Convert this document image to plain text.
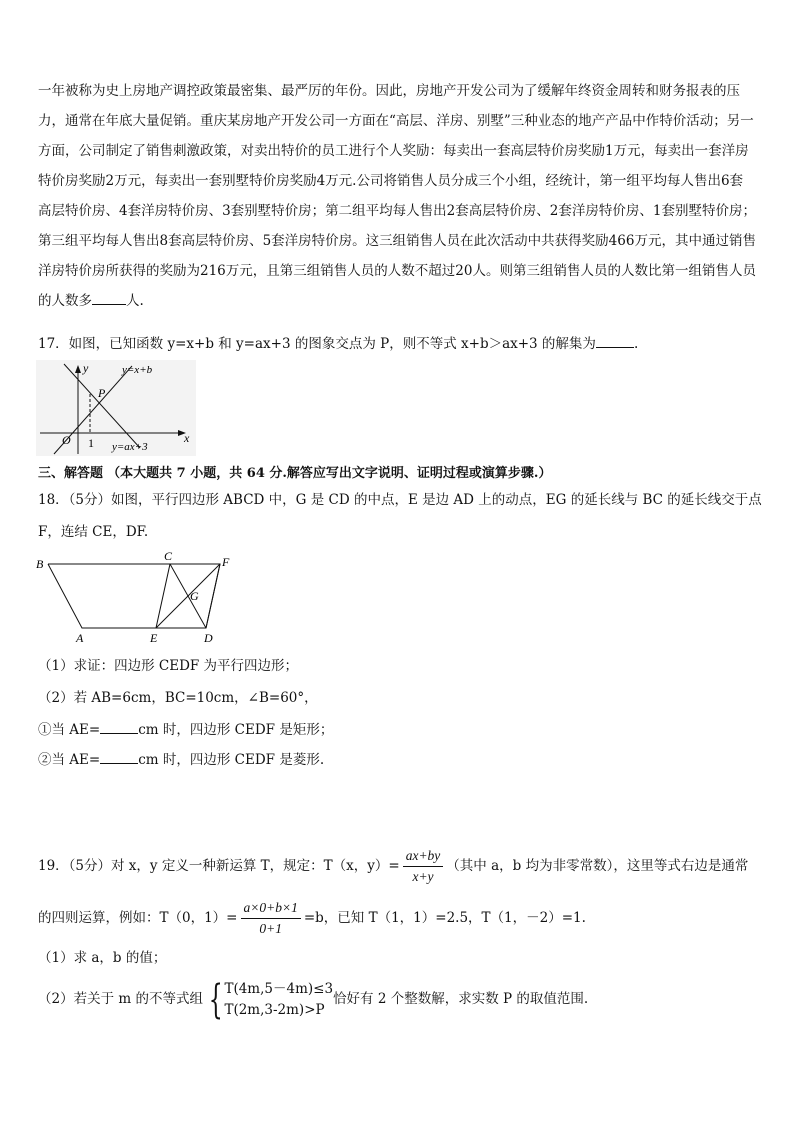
一年被称为史上房地产调控政策最密集、最严厉的年份。因此，房地产开发公司为了缓解年终资金周转和财务报表的压力，通常在年底大量促销。重庆某房地产开发公司一方面在“高层、洋房、别墅”三种业态的地产产品中作特价活动；另一方面，公司制定了销售刺激政策，对卖出特价的员工进行个人奖励：每卖出一套高层特价房奖励1万元，每卖出一套洋房特价房奖励2万元，每卖出一套别墅特价房奖励4万元.公司将销售人员分成三个小组，经统计，第一组平均每人售出6套高层特价房、4套洋房特价房、3套别墅特价房；第二组平均每人售出2套高层特价房、2套洋房特价房、1套别墅特价房；第三组平均每人售出8套高层特价房、5套洋房特价房。这三组销售人员在此次活动中共获得奖励466万元，其中通过销售洋房特价房所获得的奖励为216万元，且第三组销售人员的人数不超过20人。则第三组销售人员的人数比第一组销售人员的人数多	人.
17．如图，已知函数 y=x+b 和 y=ax+3 的图象交点为 P，则不等式 x+b＞ax+3 的解集为	.
y
x
O 1
P
y=x+b
y=ax+3
三、解答题 （本大题共 7 小题，共 64 分.解答应写出文字说明、证明过程或演算步骤.）
18．（5分）如图，平行四边形 ABCD 中，G 是 CD 的中点，E 是边 AD 上的动点，EG 的延长线与 BC 的延长线交于点
F，连结 CE，DF.
B
C	F
G
A	E	D
（1）求证：四边形 CEDF 为平行四边形；
（2）若 AB=6cm，BC=10cm，∠B=60°，
①当 AE=	cm 时，四边形 CEDF 是矩形；
②当 AE=	cm 时，四边形 CEDF 是菱形.
19．（5分）对 x，y 定义一种新运算 T，规定：T（x，$y)= \frac{ax+by}{x+y}$ （其中 a，b 均为非零常数），这里等式右边是通常
的四则运算，例如：T（0，$1)= \frac{a\times 0+b\times 1}{0+1} =b$，已知 T（1，1）=2.5，T（1，－2）=1.
（1）求 a，b 的值；
（2）若关于 m 的不等式组 { T(4m,5－4m)≤3
T(2m,3-2m)>P
恰好有 2 个整数解，求实数 P 的取值范围.
